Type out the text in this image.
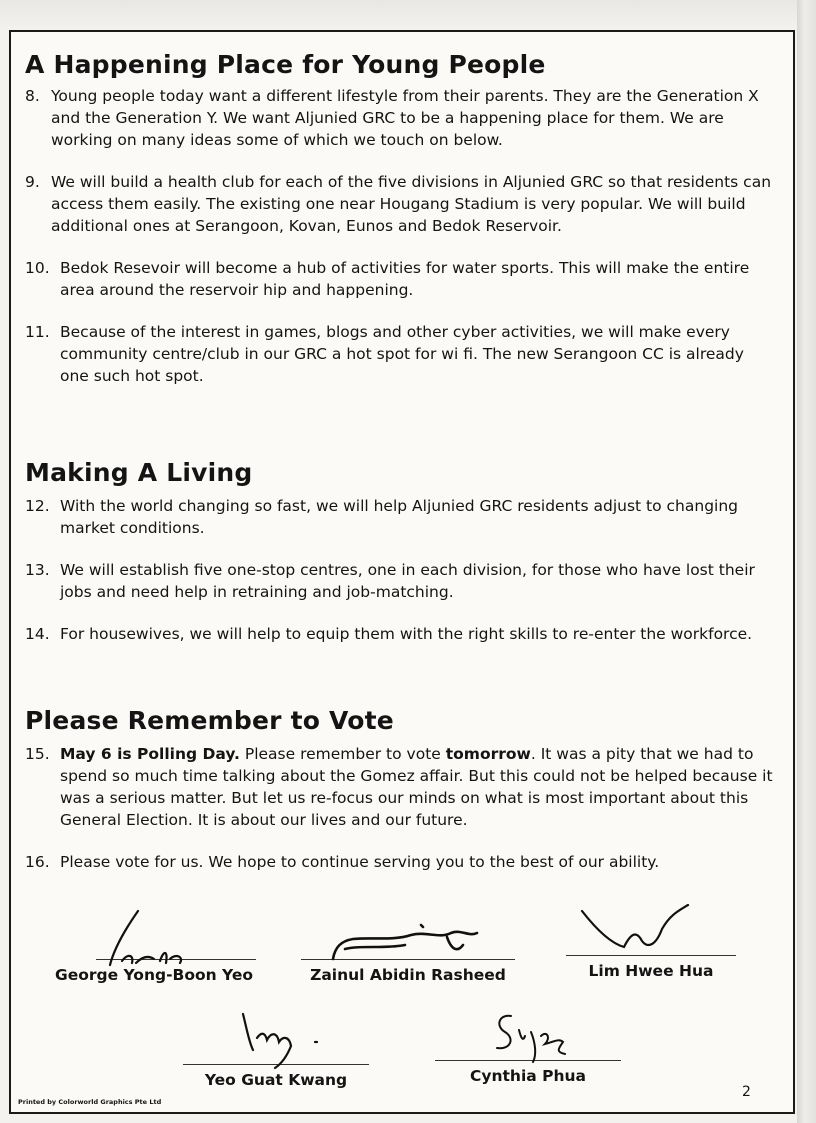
A Happening Place for Young People
8. Young people today want a different lifestyle from their parents. They are the Generation X and the Generation Y. We want Aljunied GRC to be a happening place for them. We are working on many ideas some of which we touch on below.
9. We will build a health club for each of the five divisions in Aljunied GRC so that residents can access them easily. The existing one near Hougang Stadium is very popular. We will build additional ones at Serangoon, Kovan, Eunos and Bedok Reservoir.
10. Bedok Resevoir will become a hub of activities for water sports. This will make the entire area around the reservoir hip and happening.
11. Because of the interest in games, blogs and other cyber activities, we will make every community centre/club in our GRC a hot spot for wi fi. The new Serangoon CC is already one such hot spot.
Making A Living
12. With the world changing so fast, we will help Aljunied GRC residents adjust to changing market conditions.
13. We will establish five one-stop centres, one in each division, for those who have lost their jobs and need help in retraining and job-matching.
14. For housewives, we will help to equip them with the right skills to re-enter the workforce.
Please Remember to Vote
15. May 6 is Polling Day. Please remember to vote tomorrow. It was a pity that we had to spend so much time talking about the Gomez affair. But this could not be helped because it was a serious matter. But let us re-focus our minds on what is most important about this General Election. It is about our lives and our future.
16. Please vote for us. We hope to continue serving you to the best of our ability.
George Yong-Boon Yeo	Zainul Abidin Rasheed	Lim Hwee Hua
Yeo Guat Kwang	Cynthia Phua
Printed by Colorworld Graphics Pte Ltd
2
